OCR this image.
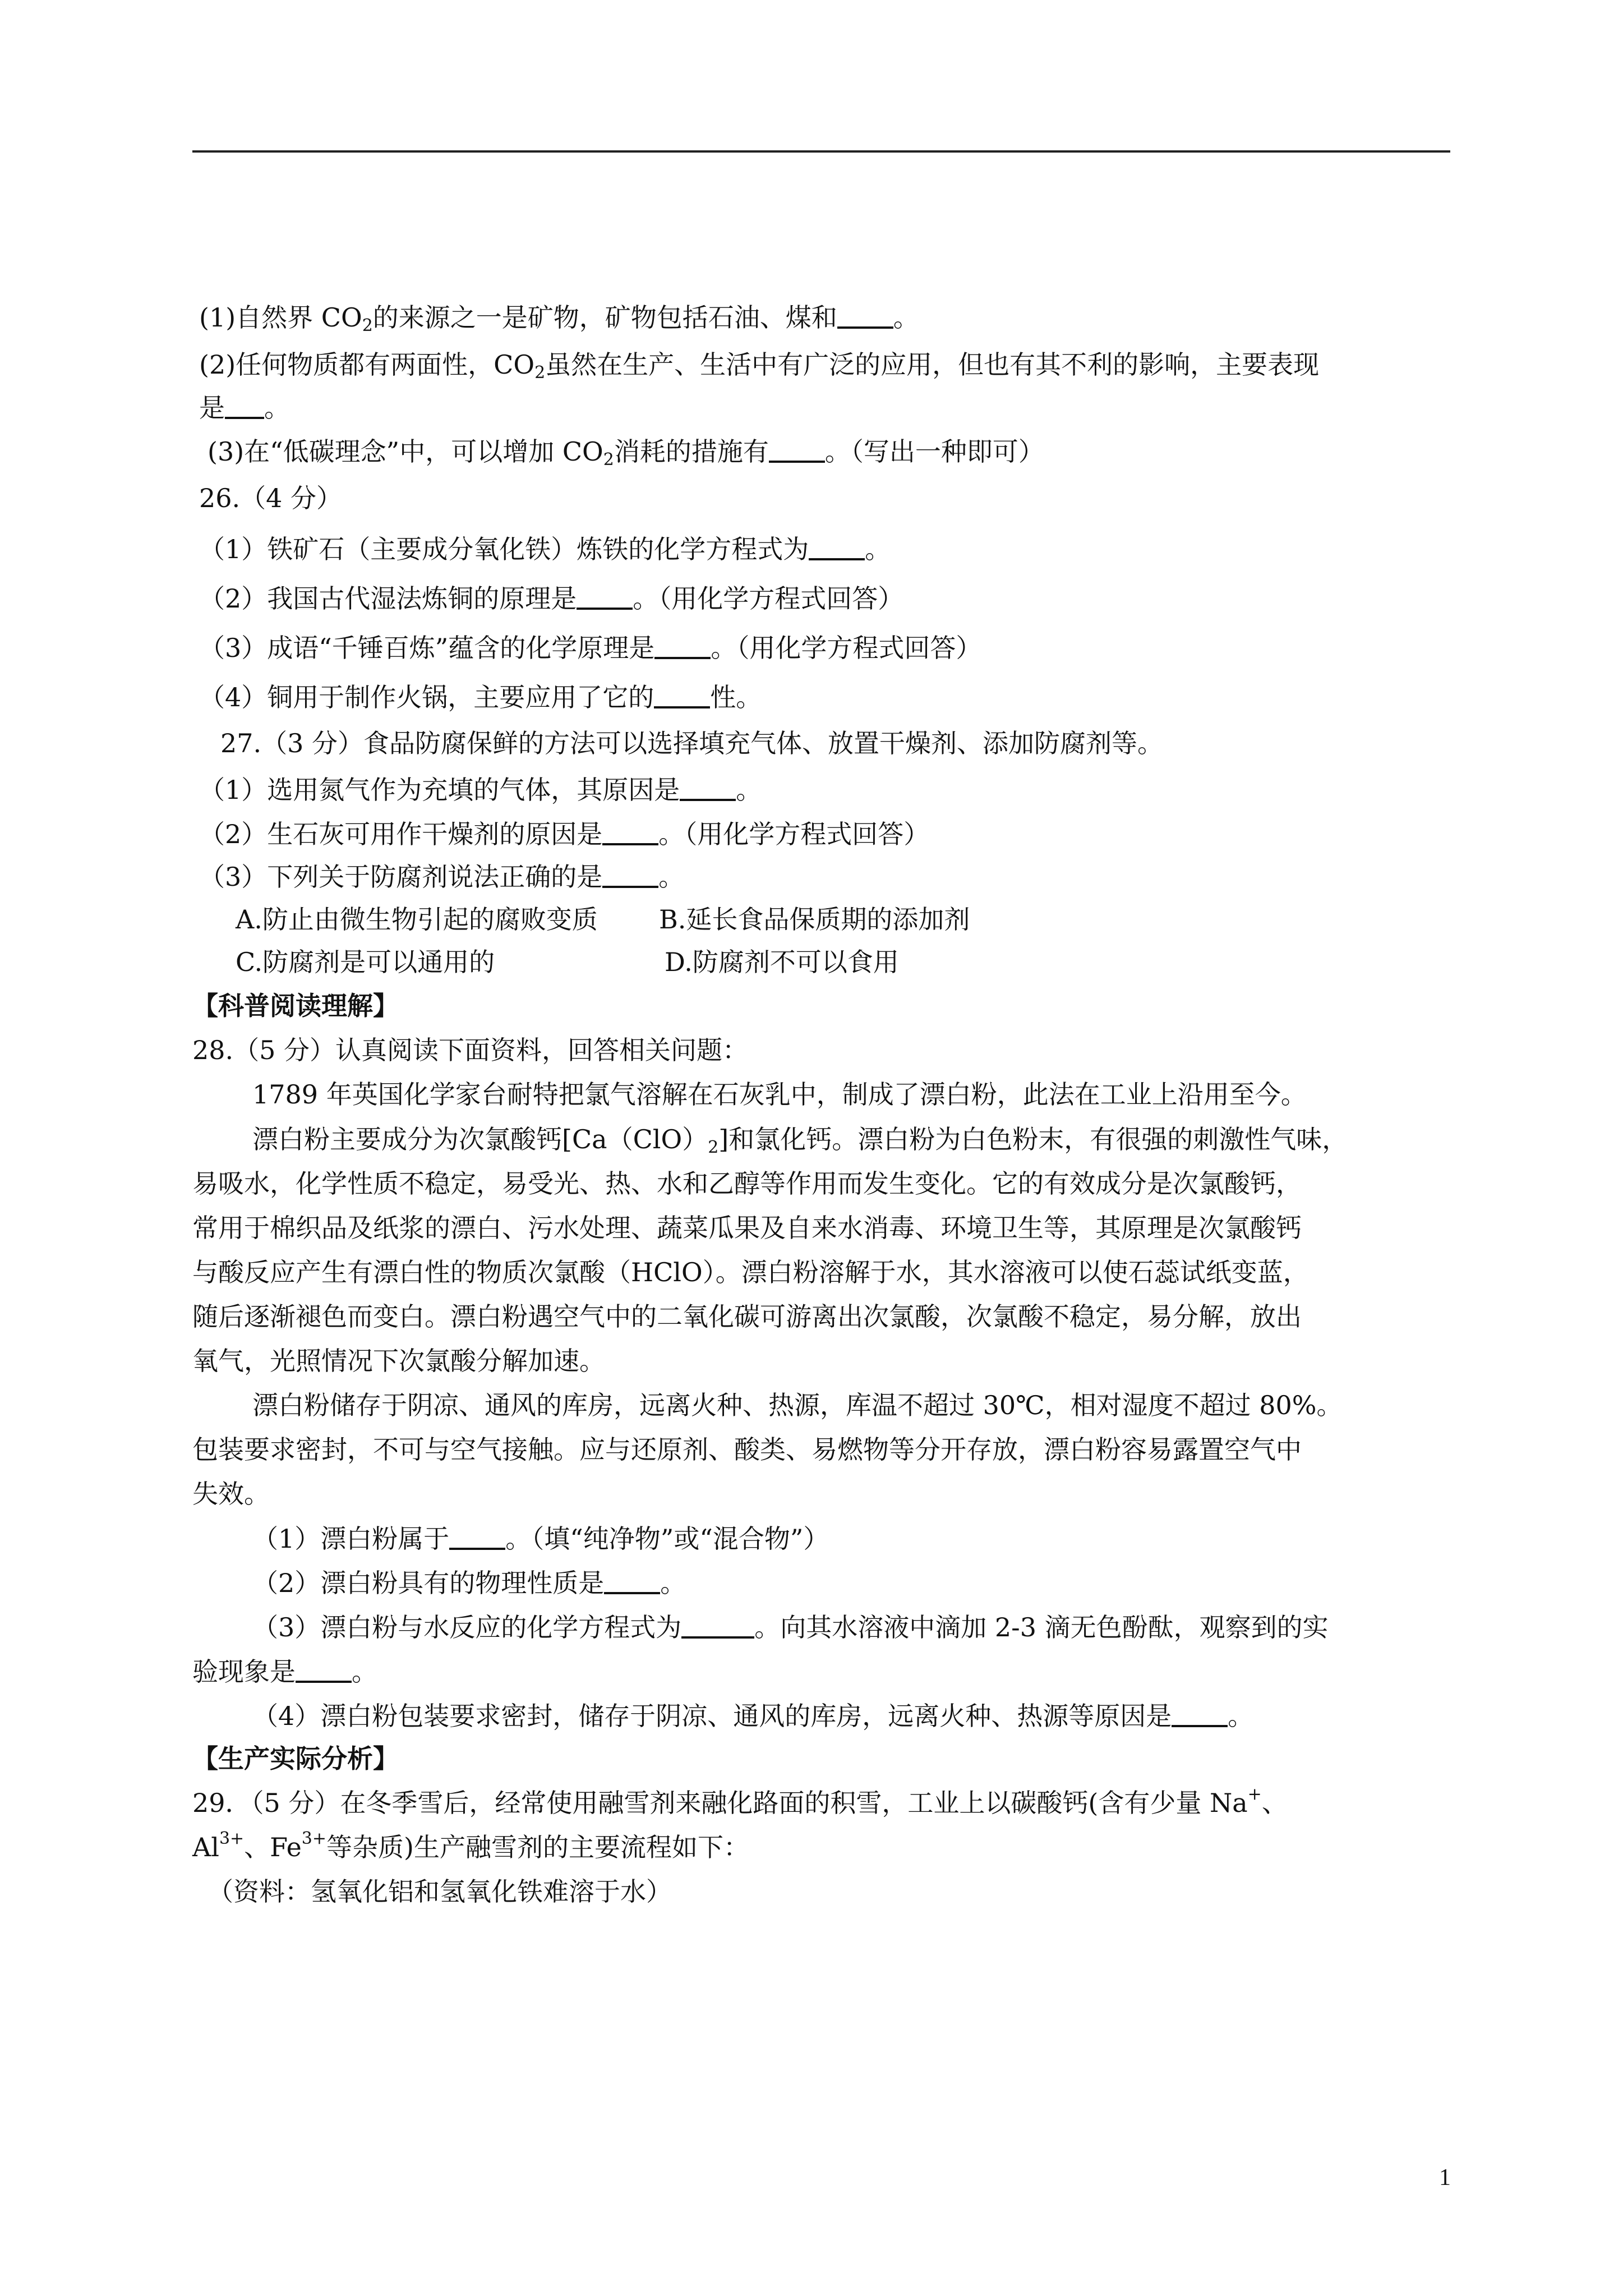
(1)自然界 $CO_2$的来源之一是矿物，矿物包括石油、煤和 。
(2)任何物质都有两面性，$CO_2$虽然在生产、生活中有广泛的应用，但也有其不利的影响，主要表现
是 。
(3)在“低碳理念”中，可以增加 $CO_2$消耗的措施有 。（写出一种即可）
26.（4 分）
（1）铁矿石（主要成分氧化铁）炼铁的化学方程式为 。
（2）我国古代湿法炼铜的原理是 。（用化学方程式回答）
（3）成语“千锤百炼”蕴含的化学原理是 。（用化学方程式回答）
（4）铜用于制作火锅，主要应用了它的 性。
27.（3 分）食品防腐保鲜的方法可以选择填充气体、放置干燥剂、添加防腐剂等。
（1）选用氮气作为充填的气体，其原因是 。
（2）生石灰可用作干燥剂的原因是 。（用化学方程式回答）
（3）下列关于防腐剂说法正确的是 。
A.防止由微生物引起的腐败变质 B.延长食品保质期的添加剂
C.防腐剂是可以通用的	D.防腐剂不可以食用
【科普阅读理解】
28.（5 分）认真阅读下面资料，回答相关问题：
1789 年英国化学家台耐特把氯气溶解在石灰乳中，制成了漂白粉，此法在工业上沿用至今。
漂白粉主要成分为次氯酸钙$[Ca(ClO)_2]$和氯化钙。漂白粉为白色粉末，有很强的刺激性气味，
易吸水，化学性质不稳定，易受光、热、水和乙醇等作用而发生变化。它的有效成分是次氯酸钙，
常用于棉织品及纸浆的漂白、污水处理、蔬菜瓜果及自来水消毒、环境卫生等，其原理是次氯酸钙
与酸反应产生有漂白性的物质次氯酸（HClO）。漂白粉溶解于水，其水溶液可以使石蕊试纸变蓝，
随后逐渐褪色而变白。漂白粉遇空气中的二氧化碳可游离出次氯酸，次氯酸不稳定，易分解，放出
氧气，光照情况下次氯酸分解加速。
漂白粉储存于阴凉、通风的库房，远离火种、热源，库温不超过 30℃，相对湿度不超过 80%。
包装要求密封，不可与空气接触。应与还原剂、酸类、易燃物等分开存放，漂白粉容易露置空气中
失效。
（1）漂白粉属于 。（填“纯净物”或“混合物”）
（2）漂白粉具有的物理性质是 。
（3）漂白粉与水反应的化学方程式为	。向其水溶液中滴加 2-3 滴无色酚酞，观察到的实
验现象是 。
（4）漂白粉包装要求密封，储存于阴凉、通风的库房，远离火种、热源等原因是 。
【生产实际分析】
29．（5 分）在冬季雪后，经常使用融雪剂来融化路面的积雪，工业上以碳酸钙(含有少量 Na+、
$Al^{3+}$、$Fe^{3+}$等杂质)生产融雪剂的主要流程如下：
（资料：氢氧化铝和氢氧化铁难溶于水）
1
